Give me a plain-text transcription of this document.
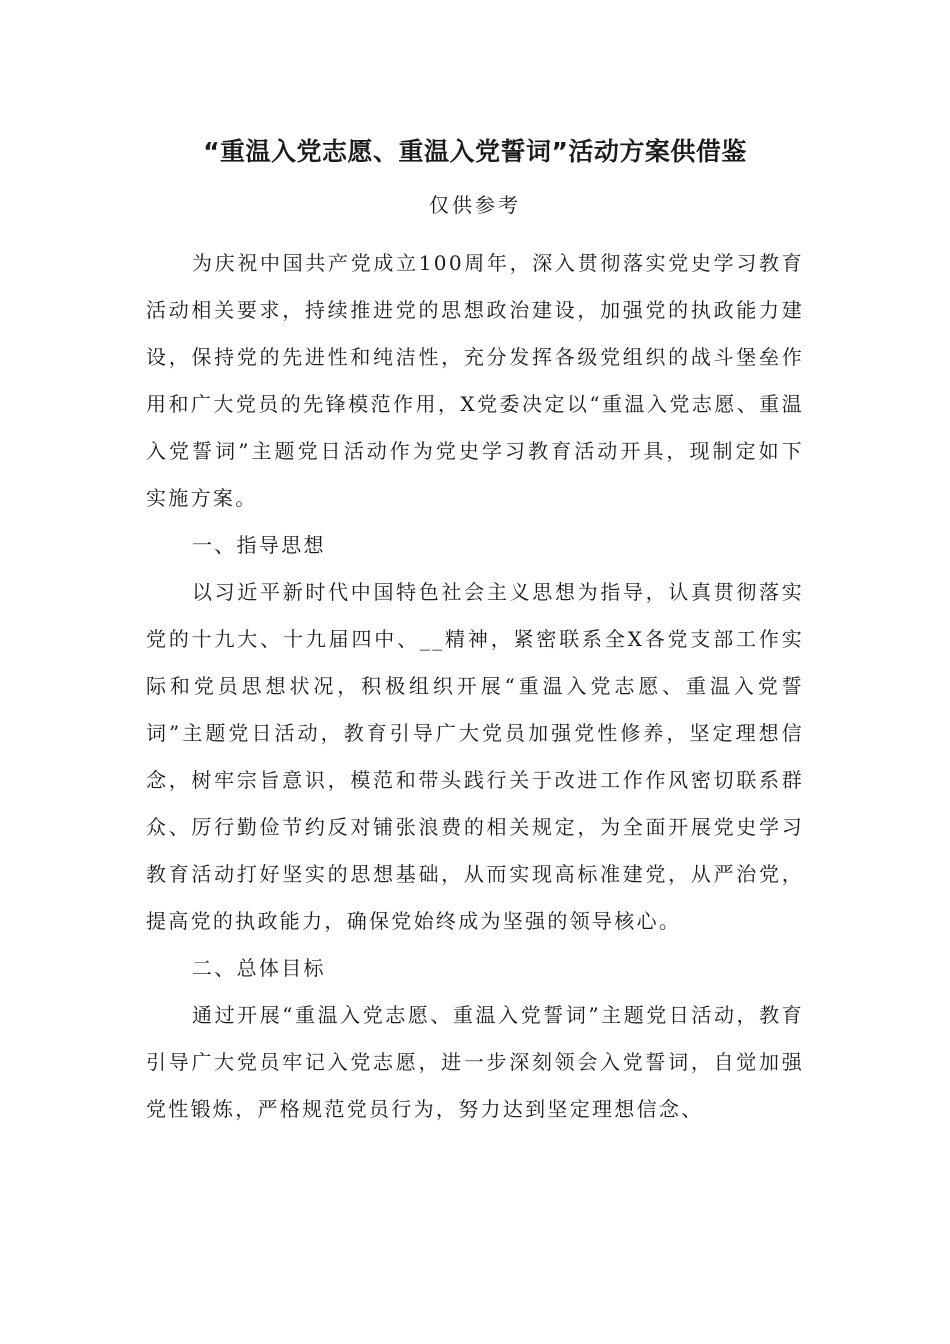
“重温入党志愿、重温入党誓词”活动方案供借鉴
仅供参考

为庆祝中国共产党成立100周年，深入贯彻落实党史学习教育活动相关要求，持续推进党的思想政治建设，加强党的执政能力建设，保持党的先进性和纯洁性，充分发挥各级党组织的战斗堡垒作用和广大党员的先锋模范作用，X党委决定以“重温入党志愿、重温入党誓词”主题党日活动作为党史学习教育活动开具，现制定如下实施方案。

一、指导思想

以习近平新时代中国特色社会主义思想为指导，认真贯彻落实党的十九大、十九届四中、__精神，紧密联系全X各党支部工作实际和党员思想状况，积极组织开展“重温入党志愿、重温入党誓词”主题党日活动，教育引导广大党员加强党性修养，坚定理想信念，树牢宗旨意识，模范和带头践行关于改进工作作风密切联系群众、厉行勤俭节约反对铺张浪费的相关规定，为全面开展党史学习教育活动打好坚实的思想基础，从而实现高标准建党，从严治党，提高党的执政能力，确保党始终成为坚强的领导核心。

二、总体目标

通过开展“重温入党志愿、重温入党誓词”主题党日活动，教育引导广大党员牢记入党志愿，进一步深刻领会入党誓词，自觉加强党性锻炼，严格规范党员行为，努力达到坚定理想信念、
